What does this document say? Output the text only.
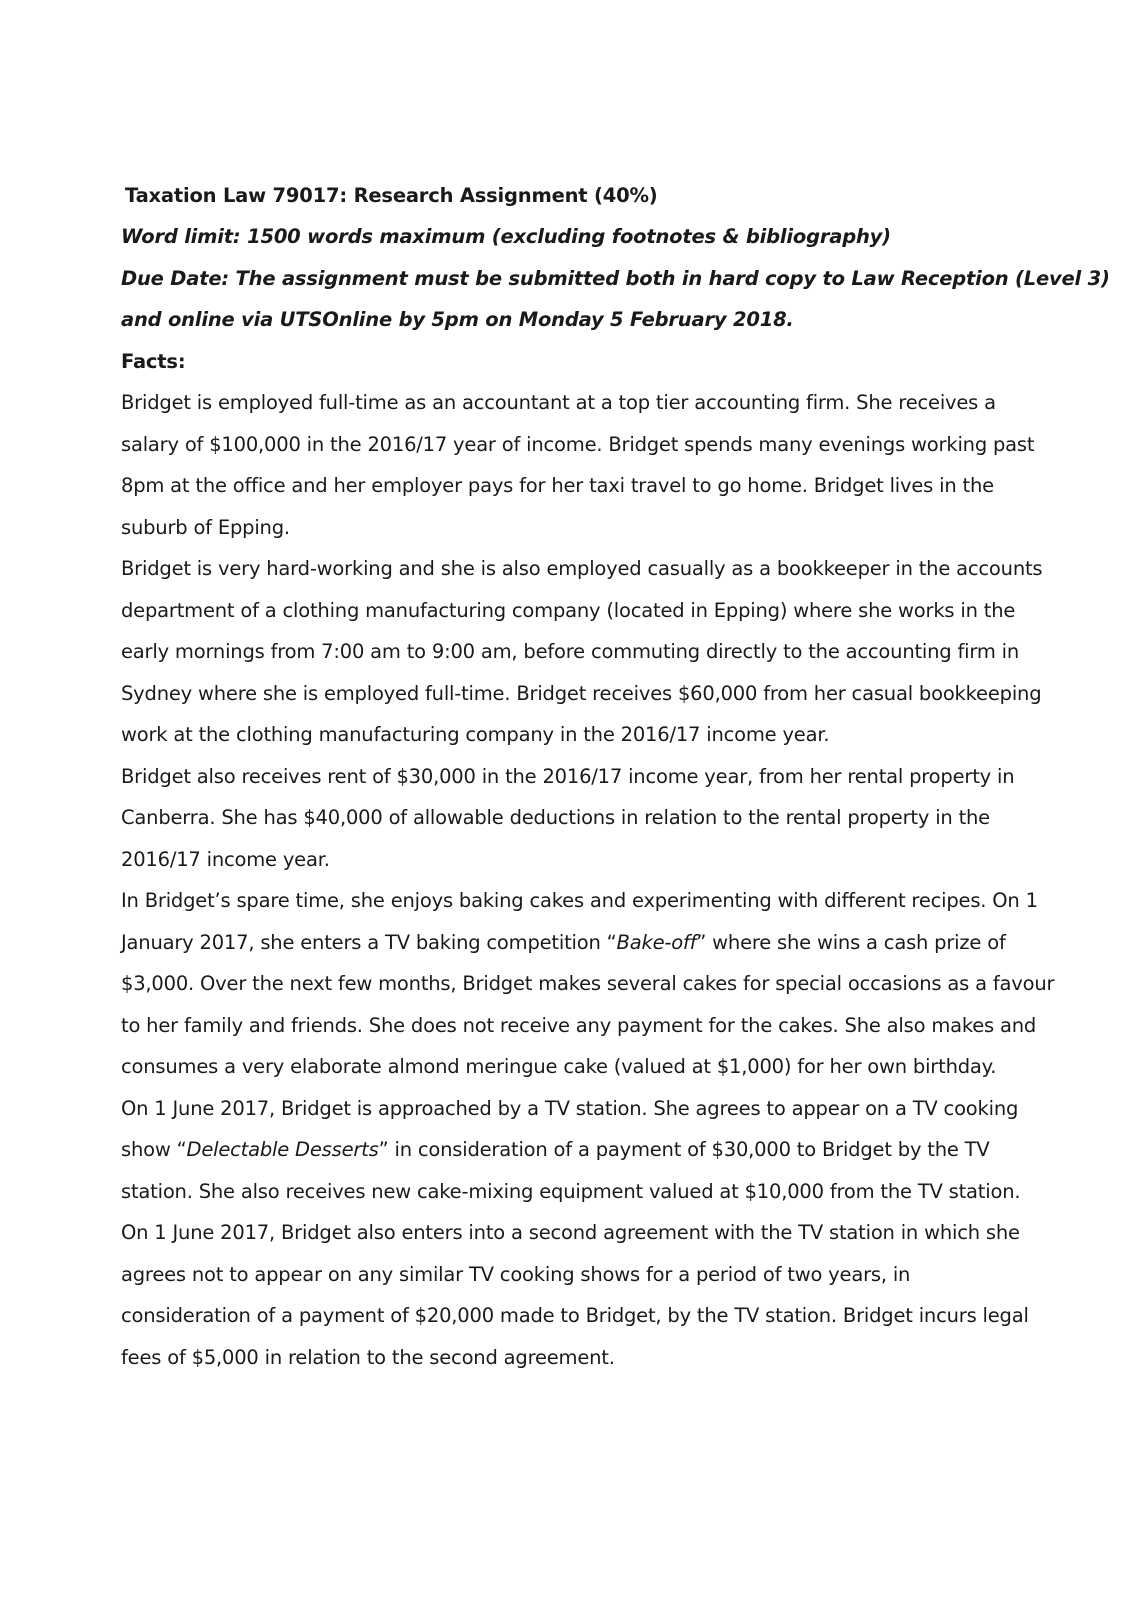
Taxation Law 79017: Research Assignment (40%)
Word limit: 1500 words maximum (excluding footnotes & bibliography)
Due Date: The assignment must be submitted both in hard copy to Law Reception (Level 3)
and online via UTSOnline by 5pm on Monday 5 February 2018.
Facts:
Bridget is employed full-time as an accountant at a top tier accounting firm. She receives a
salary of $100,000 in the 2016/17 year of income. Bridget spends many evenings working past
8pm at the office and her employer pays for her taxi travel to go home. Bridget lives in the
suburb of Epping.
Bridget is very hard-working and she is also employed casually as a bookkeeper in the accounts
department of a clothing manufacturing company (located in Epping) where she works in the
early mornings from 7:00 am to 9:00 am, before commuting directly to the accounting firm in
Sydney where she is employed full-time. Bridget receives $60,000 from her casual bookkeeping
work at the clothing manufacturing company in the 2016/17 income year.
Bridget also receives rent of $30,000 in the 2016/17 income year, from her rental property in
Canberra. She has $40,000 of allowable deductions in relation to the rental property in the
2016/17 income year.
In Bridget’s spare time, she enjoys baking cakes and experimenting with different recipes. On 1
January 2017, she enters a TV baking competition “Bake-off” where she wins a cash prize of
$3,000. Over the next few months, Bridget makes several cakes for special occasions as a favour
to her family and friends. She does not receive any payment for the cakes. She also makes and
consumes a very elaborate almond meringue cake (valued at $1,000) for her own birthday.
On 1 June 2017, Bridget is approached by a TV station. She agrees to appear on a TV cooking
show “Delectable Desserts” in consideration of a payment of $30,000 to Bridget by the TV
station. She also receives new cake-mixing equipment valued at $10,000 from the TV station.
On 1 June 2017, Bridget also enters into a second agreement with the TV station in which she
agrees not to appear on any similar TV cooking shows for a period of two years, in
consideration of a payment of $20,000 made to Bridget, by the TV station. Bridget incurs legal
fees of $5,000 in relation to the second agreement.
